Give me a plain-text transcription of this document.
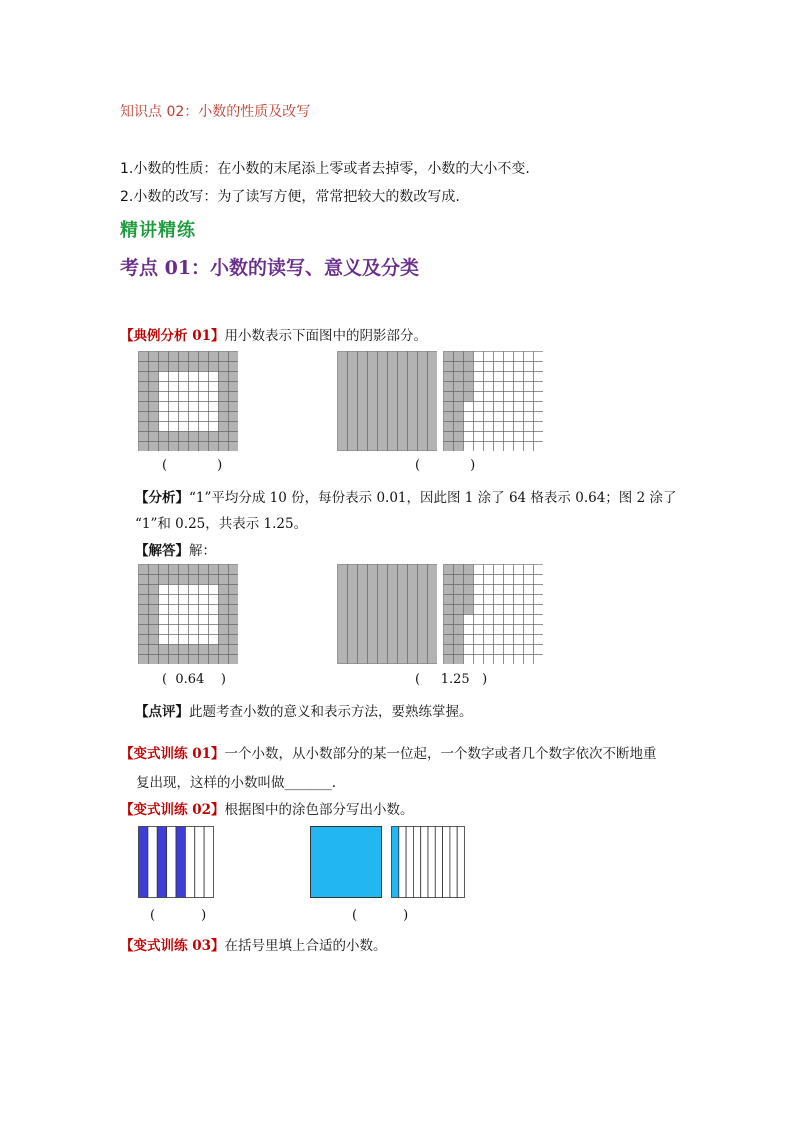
知识点 02：小数的性质及改写
1.小数的性质：在小数的末尾添上零或者去掉零，小数的大小不变.
2.小数的改写：为了读写方便，常常把较大的数改写成.
精讲精练
考点 01：小数的读写、意义及分类
【典例分析 01】用小数表示下面图中的阴影部分。
(	)	(	)
【分析】“1”平均分成 10 份，每份表示 0.01，因此图 1 涂了 64 格表示 0.64；图 2 涂了
“1”和 0.25，共表示 1.25。
【解答】解：
(  0.64    )	(     1.25   )
【点评】此题考查小数的意义和表示方法，要熟练掌握。
【变式训练 01】一个小数，从小数部分的某一位起，一个数字或者几个数字依次不断地重
复出现，这样的小数叫做_______.
【变式训练 02】根据图中的涂色部分写出小数。
(	)	(	)
【变式训练 03】在括号里填上合适的小数。
